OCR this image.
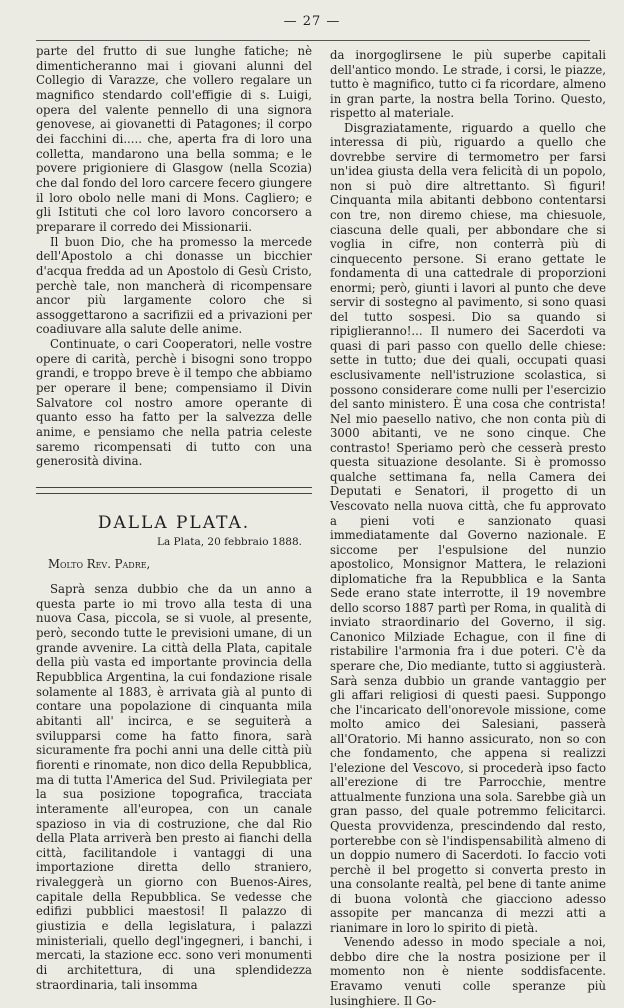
— 27 —

parte del frutto di sue lunghe fatiche; nè dimenticheranno mai i giovani alunni del Collegio di Varazze, che vollero regalare un magnifico stendardo coll'effigie di s. Luigi, opera del valente pennello di una signora genovese, ai giovanetti di Patagones; il corpo dei facchini di..... che, aperta fra di loro una colletta, mandarono una bella somma; e le povere prigioniere di Glasgow (nella Scozia) che dal fondo del loro carcere fecero giungere il loro obolo nelle mani di Mons. Cagliero; e gli Istituti che col loro lavoro concorsero a preparare il corredo dei Missionarii.

Il buon Dio, che ha promesso la mercede dell'Apostolo a chi donasse un bicchier d'acqua fredda ad un Apostolo di Gesù Cristo, perchè tale, non mancherà di ricompensare ancor più largamente coloro che si assoggettarono a sacrifizii ed a privazioni per coadiuvare alla salute delle anime.

Continuate, o cari Cooperatori, nelle vostre opere di carità, perchè i bisogni sono troppo grandi, e troppo breve è il tempo che abbiamo per operare il bene; compensiamo il Divin Salvatore col nostro amore operante di quanto esso ha fatto per la salvezza delle anime, e pensiamo che nella patria celeste saremo ricompensati di tutto con una generosità divina.

DALLA PLATA.
La Plata, 20 febbraio 1888.
Molto Rev. Padre,

Saprà senza dubbio che da un anno a questa parte io mi trovo alla testa di una nuova Casa, piccola, se si vuole, al presente, però, secondo tutte le previsioni umane, di un grande avvenire. La città della Plata, capitale della più vasta ed importante provincia della Repubblica Argentina, la cui fondazione risale solamente al 1883, è arrivata già al punto di contare una popolazione di cinquanta mila abitanti all' incirca, e se seguiterà a svilupparsi come ha fatto finora, sarà sicuramente fra pochi anni una delle città più fiorenti e rinomate, non dico della Repubblica, ma di tutta l'America del Sud. Privilegiata per la sua posizione topografica, tracciata interamente all'europea, con un canale spazioso in via di costruzione, che dal Rio della Plata arriverà ben presto ai fianchi della città, facilitandole i vantaggi di una importazione diretta dello straniero, rivaleggerà un giorno con Buenos-Aires, capitale della Repubblica. Se vedesse che edifizi pubblici maestosi! Il palazzo di giustizia e della legislatura, i palazzi ministeriali, quello degl'ingegneri, i banchi, i mercati, la stazione ecc. sono veri monumenti di architettura, di una splendidezza straordinaria, tali insomma

da inorgoglirsene le più superbe capitali dell'antico mondo. Le strade, i corsi, le piazze, tutto è magnifico, tutto ci fa ricordare, almeno in gran parte, la nostra bella Torino. Questo, rispetto al materiale.

Disgraziatamente, riguardo a quello che interessa di più, riguardo a quello che dovrebbe servire di termometro per farsi un'idea giusta della vera felicità di un popolo, non si può dire altrettanto. Sì figuri! Cinquanta mila abitanti debbono contentarsi con tre, non diremo chiese, ma chiesuole, ciascuna delle quali, per abbondare che si voglia in cifre, non conterrà più di cinquecento persone. Si erano gettate le fondamenta di una cattedrale di proporzioni enormi; però, giunti i lavori al punto che deve servir di sostegno al pavimento, si sono quasi del tutto sospesi. Dio sa quando si ripiglieranno!... Il numero dei Sacerdoti va quasi di pari passo con quello delle chiese: sette in tutto; due dei quali, occupati quasi esclusivamente nell'istruzione scolastica, si possono considerare come nulli per l'esercizio del santo ministero. È una cosa che contrista! Nel mio paesello nativo, che non conta più di 3000 abitanti, ve ne sono cinque. Che contrasto! Speriamo però che cesserà presto questa situazione desolante. Si è promosso qualche settimana fa, nella Camera dei Deputati e Senatori, il progetto di un Vescovato nella nuova città, che fu approvato a pieni voti e sanzionato quasi immediatamente dal Governo nazionale. E siccome per l'espulsione del nunzio apostolico, Monsignor Mattera, le relazioni diplomatiche fra la Repubblica e la Santa Sede erano state interrotte, il 19 novembre dello scorso 1887 partì per Roma, in qualità di inviato straordinario del Governo, il sig. Canonico Milziade Echague, con il fine di ristabilire l'armonia fra i due poteri. C'è da sperare che, Dio mediante, tutto si aggiusterà. Sarà senza dubbio un grande vantaggio per gli affari religiosi di questi paesi. Suppongo che l'incaricato dell'onorevole missione, come molto amico dei Salesiani, passerà all'Oratorio. Mi hanno assicurato, non so con che fondamento, che appena si realizzi l'elezione del Vescovo, si procederà ipso facto all'erezione di tre Parrocchie, mentre attualmente funziona una sola. Sarebbe già un gran passo, del quale potremmo felicitarci. Questa provvidenza, prescindendo dal resto, porterebbe con sè l'indispensabilità almeno di un doppio numero di Sacerdoti. Io faccio voti perchè il bel progetto si converta presto in una consolante realtà, pel bene di tante anime di buona volontà che giacciono adesso assopite per mancanza di mezzi atti a rianimare in loro lo spirito di pietà.

Venendo adesso in modo speciale a noi, debbo dire che la nostra posizione per il momento non è niente soddisfacente. Eravamo venuti colle speranze più lusinghiere. Il Go-
